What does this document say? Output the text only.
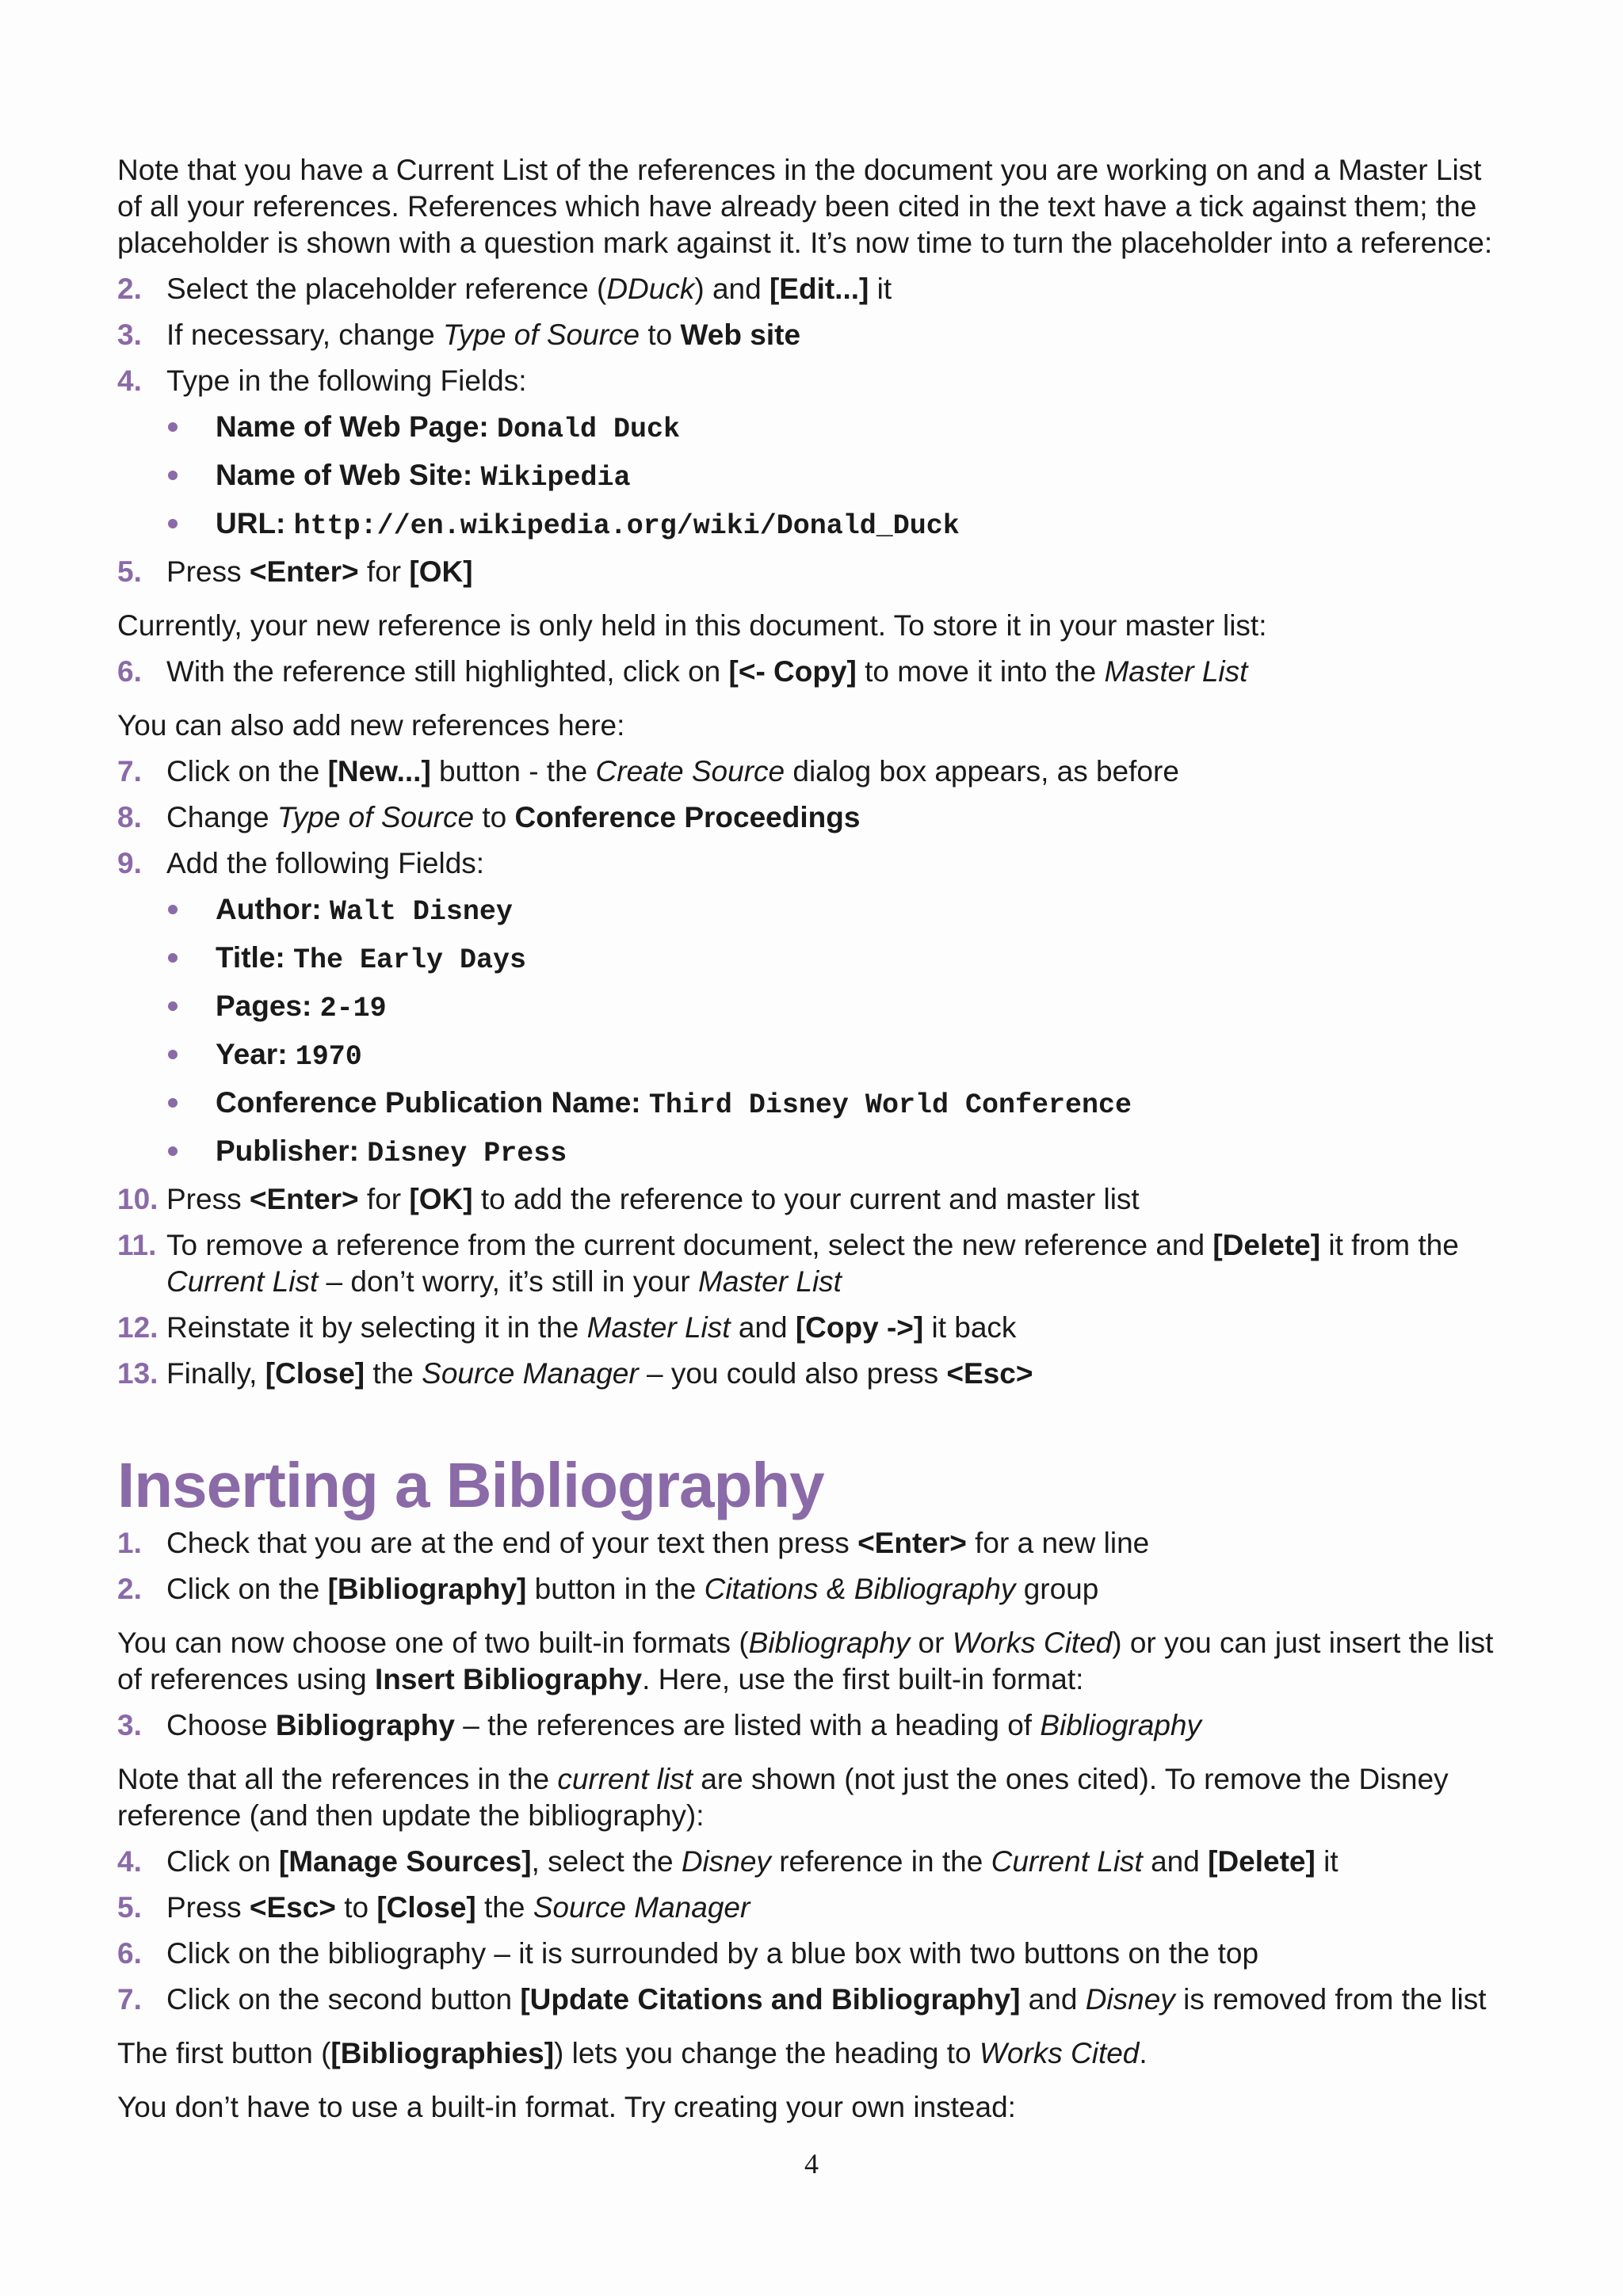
Note that you have a Current List of the references in the document you are working on and a Master List of all your references. References which have already been cited in the text have a tick against them; the placeholder is shown with a question mark against it. It’s now time to turn the placeholder into a reference:

2. Select the placeholder reference (DDuck) and [Edit...] it
3. If necessary, change Type of Source to Web site
4. Type in the following Fields:
Name of Web Page: Donald Duck
Name of Web Site: Wikipedia
URL: http://en.wikipedia.org/wiki/Donald_Duck
5. Press <Enter> for [OK]

Currently, your new reference is only held in this document. To store it in your master list:

6. With the reference still highlighted, click on [<- Copy] to move it into the Master List

You can also add new references here:

7. Click on the [New...] button - the Create Source dialog box appears, as before
8. Change Type of Source to Conference Proceedings
9. Add the following Fields:
Author: Walt Disney
Title: The Early Days
Pages: 2-19
Year: 1970
Conference Publication Name: Third Disney World Conference
Publisher: Disney Press
10. Press <Enter> for [OK] to add the reference to your current and master list
11. To remove a reference from the current document, select the new reference and [Delete] it from the Current List – don’t worry, it’s still in your Master List
12. Reinstate it by selecting it in the Master List and [Copy ->] it back
13. Finally, [Close] the Source Manager – you could also press <Esc>
Inserting a Bibliography
1. Check that you are at the end of your text then press <Enter> for a new line
2. Click on the [Bibliography] button in the Citations & Bibliography group

You can now choose one of two built-in formats (Bibliography or Works Cited) or you can just insert the list of references using Insert Bibliography. Here, use the first built-in format:

3. Choose Bibliography – the references are listed with a heading of Bibliography

Note that all the references in the current list are shown (not just the ones cited). To remove the Disney reference (and then update the bibliography):

4. Click on [Manage Sources], select the Disney reference in the Current List and [Delete] it
5. Press <Esc> to [Close] the Source Manager
6. Click on the bibliography – it is surrounded by a blue box with two buttons on the top
7. Click on the second button [Update Citations and Bibliography] and Disney is removed from the list

The first button ([Bibliographies]) lets you change the heading to Works Cited.

You don’t have to use a built-in format. Try creating your own instead:

4
